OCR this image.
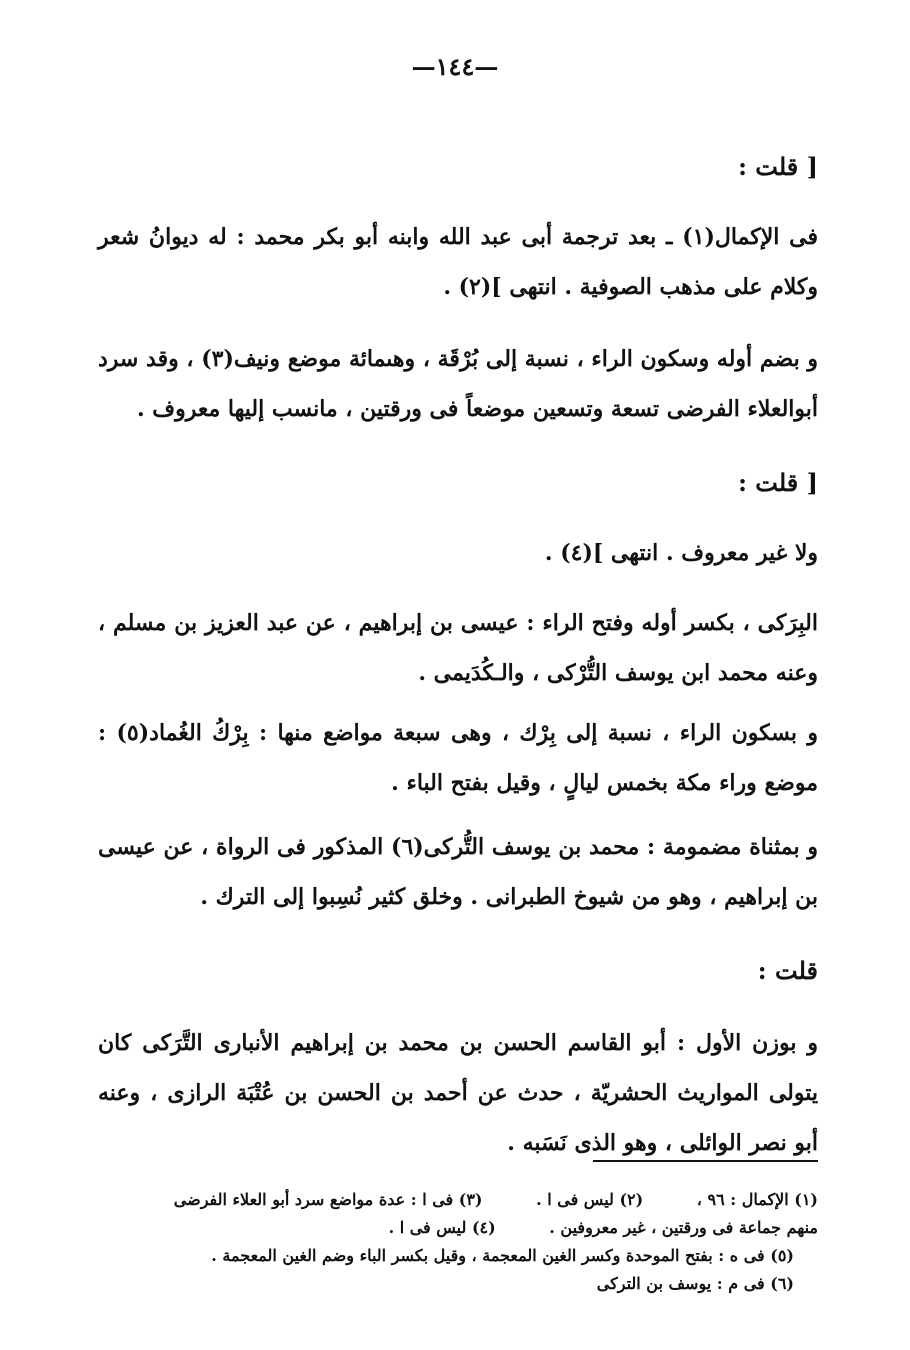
—١٤٤—
[ قلت :
فى الإكمال(١) ـ بعد ترجمة أبى عبد الله وابنه أبو بكر محمد : له ديوانُ شعر وكلام على مذهب الصوفية . انتهى ](٢) .
و بضم أوله وسكون الراء ، نسبة إلى بُرْقَة ، وهىمائة موضع ونيف(٣) ، وقد سرد أبوالعلاء الفرضى تسعة وتسعين موضعاً فى ورقتين ، مانسب إليها معروف .
[ قلت :
ولا غير معروف . انتهى ](٤) .
البِرَكى ، بكسر أوله وفتح الراء : عيسى بن إبراهيم ، عن عبد العزيز بن مسلم ، وعنه محمد ابن يوسف التُّرْكى ، والـكُدَيمى .
و بسكون الراء ، نسبة إلى بِرْك ، وهى سبعة مواضع منها : بِرْكُ الغُماد(٥) : موضع وراء مكة بخمس ليالٍ ، وقيل بفتح الباء .
و بمثناة مضمومة : محمد بن يوسف التُّركى(٦) المذكور فى الرواة ، عن عيسى بن إبراهيم ، وهو من شيوخ الطبرانى . وخلق كثير نُسِبوا إلى الترك .
قلت :
و بوزن الأول : أبو القاسم الحسن بن محمد بن إبراهيم الأنبارى التَّرَكى كان يتولى المواريث الحشريّة ، حدث عن أحمد بن الحسن بن عُتْبَة الرازى ، وعنه أبو نصر الوائلى ، وهو الذى نَسَبه .
(١) الإكمال : ٩٦ ، (٢) ليس فى ا . (٣) فى ا : عدة مواضع سرد أبو العلاء الفرضى
منهم جماعة فى ورقتين ، غير معروفين . (٤) ليس فى ا .
(٥) فى ه : بفتح الموحدة وكسر الغين المعجمة ، وقيل بكسر الباء وضم الغين المعجمة .
(٦) فى م : يوسف بن التركى
